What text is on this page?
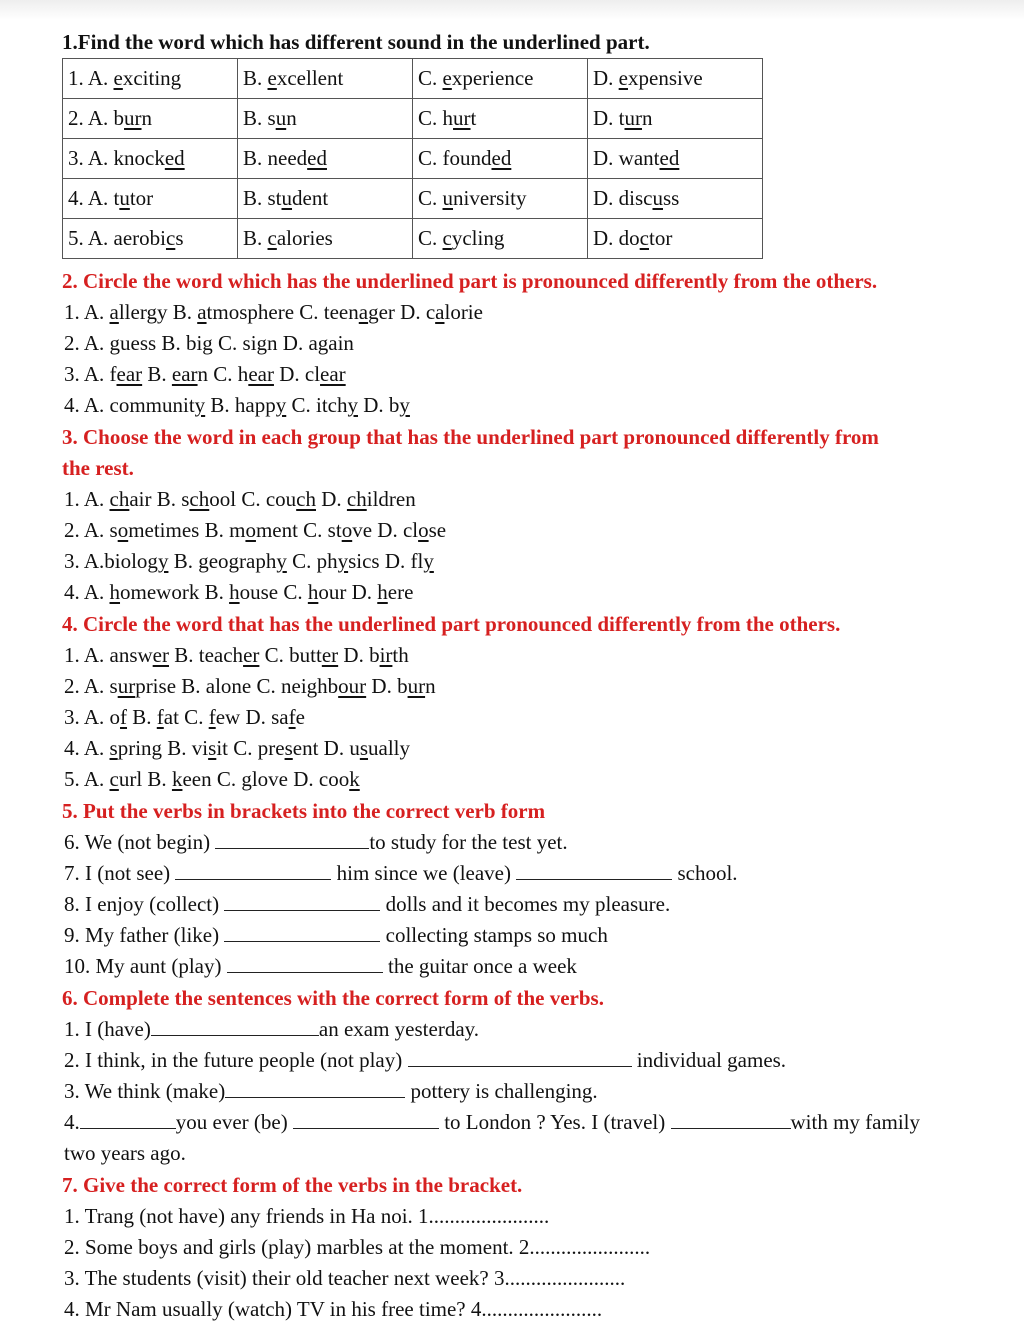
1.Find the word which has different sound in the underlined part.
1. A. exciting	B. excellent	C. experience	D. expensive
2. A. burn	B. sun	C. hurt	D. turn
3. A. knocked	B. needed	C. founded	D. wanted
4. A. tutor	B. student	C. university	D. discuss
5. A. aerobics	B. calories	C. cycling	D. doctor
2. Circle the word which has the underlined part is pronounced differently from the others.
1. A. allergy B. atmosphere C. teenager D. calorie
2. A. guess B. big C. sign D. again
3. A. fear B. earn C. hear D. clear
4. A. community B. happy C. itchy D. by
3. Choose the word in each group that has the underlined part pronounced differently from
the rest.
1. A. chair B. school C. couch D. children
2. A. sometimes B. moment C. stove D. close
3. A.biology B. geography C. physics D. fly
4. A. homework B. house C. hour D. here
4. Circle the word that has the underlined part pronounced differently from the others.
1. A. answer B. teacher C. butter D. birth
2. A. surprise B. alone C. neighbour D. burn
3. A. of B. fat C. few D. safe
4. A. spring B. visit C. present D. usually
5. A. curl B. keen C. glove D. cook
5. Put the verbs in brackets into the correct verb form
6. We (not begin)	to study for the test yet.
7. I (not see)	him since we (leave)	school.
8. I enjoy (collect)	dolls and it becomes my pleasure.
9. My father (like)	collecting stamps so much
10. My aunt (play)	the guitar once a week
6. Complete the sentences with the correct form of the verbs.
1. I (have)	an exam yesterday.
2. I think, in the future people (not play)	individual games.
3. We think (make)	pottery is challenging.
4.	you ever (be)	to London ? Yes. I (travel)	with my family
two years ago.
7. Give the correct form of the verbs in the bracket.
1. Trang (not have) any friends in Ha noi. 1.......................
2. Some boys and girls (play) marbles at the moment. 2.......................
3. The students (visit) their old teacher next week? 3.......................
4. Mr Nam usually (watch) TV in his free time? 4.......................
